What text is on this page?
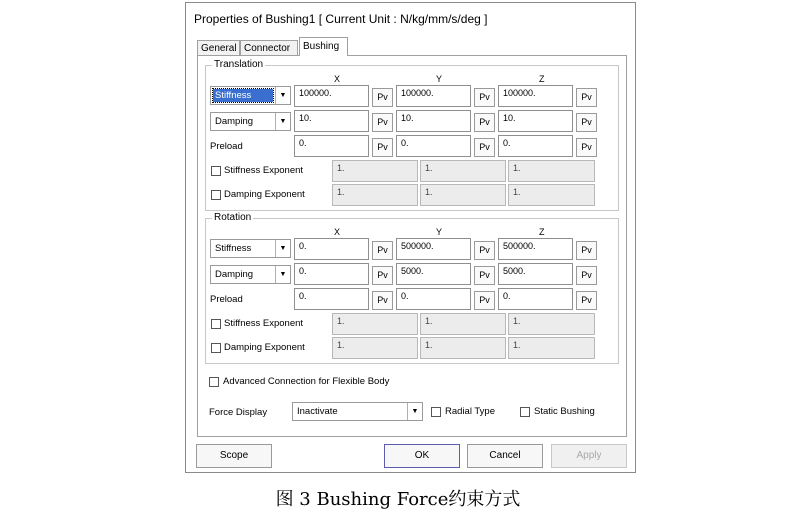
Properties of Bushing1 [ Current Unit : N/kg/mm/s/deg ]
General Connector	Bushing
Translation
X	Y	Z
Stiffness	▼	100000.	Pv	100000.	Pv	100000.	Pv
Damping	▼	10.	Pv	10.	Pv	10.	Pv
Preload	0.	Pv	0.	Pv	0.	Pv
Stiffness Exponent	1.	1.	1.
Damping Exponent	1.	1.	1.
Rotation
X	Y	Z
Stiffness	▼	0.	Pv	500000.	Pv	500000.	Pv
Damping	▼	0.	Pv	5000.	Pv	5000.	Pv
Preload	0.	Pv	0.	Pv	0.	Pv
Stiffness Exponent	1.	1.	1.
Damping Exponent	1.	1.	1.
Advanced Connection for Flexible Body
Force Display	Inactivate	▼	Radial Type	Static Bushing
Scope	OK	Cancel	Apply
图 3 Bushing Force约束方式
